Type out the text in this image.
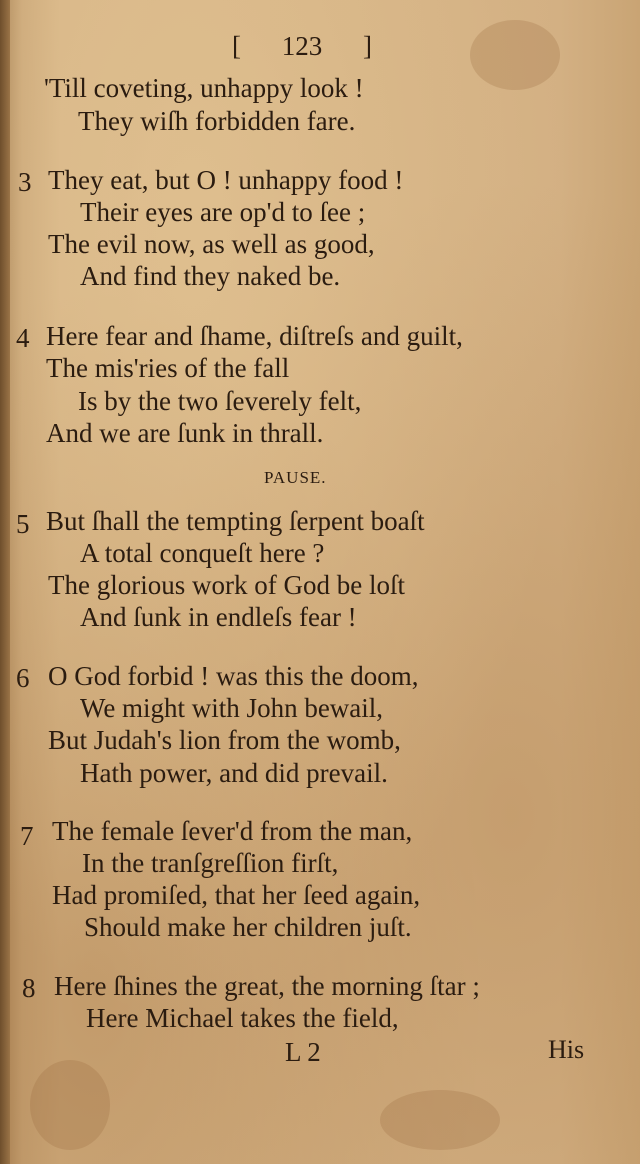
[ 123 ]

'Till coveting, unhappy look !

They wiſh forbidden fare.

3 They eat, but O ! unhappy food !

Their eyes are op'd to ſee ;

The evil now, as well as good,

And find they naked be.

4 Here fear and ſhame, diſtreſs and guilt,

The mis'ries of the fall

Is by the two ſeverely felt,

And we are ſunk in thrall.

PAUSE.
5 But ſhall the tempting ſerpent boaſt

A total conqueſt here ?

The glorious work of God be loſt

And ſunk in endleſs fear !

6 O God forbid ! was this the doom,

We might with John bewail,

But Judah's lion from the womb,

Hath power, and did prevail.

7 The female ſever'd from the man,

In the tranſgreſſion firſt,

Had promiſed, that her ſeed again,

Should make her children juſt.

8 Here ſhines the great, the morning ſtar ;

Here Michael takes the field,

L 2	His
